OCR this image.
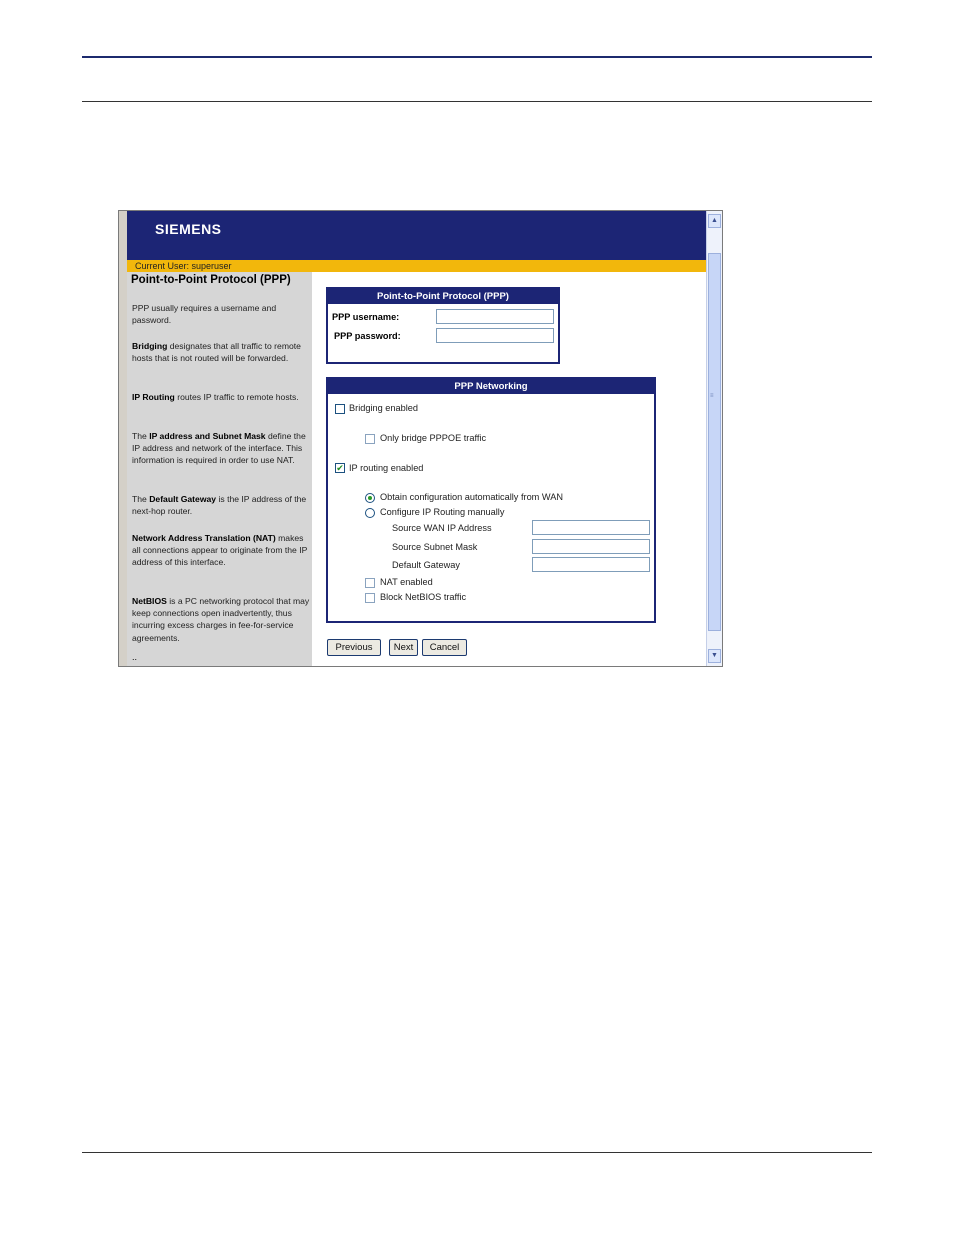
SIEMENS
Current User: superuser
Point-to-Point Protocol (PPP)

PPP usually requires a username and password.

Bridging designates that all traffic to remote hosts that is not routed will be forwarded.

IP Routing routes IP traffic to remote hosts.

The IP address and Subnet Mask define the IP address and network of the interface. This information is required in order to use NAT.

The Default Gateway is the IP address of the next-hop router.

Network Address Translation (NAT) makes all connections appear to originate from the IP address of this interface.

NetBIOS is a PC networking protocol that may keep connections open inadvertently, thus incurring excess charges in fee-for-service agreements.

..
Point-to-Point Protocol (PPP)
PPP username:
PPP password:
PPP Networking
Bridging enabled
Only bridge PPPOE traffic
✔ IP routing enabled
Obtain configuration automatically from WAN
Configure IP Routing manually
Source WAN IP Address
Source Subnet Mask
Default Gateway
NAT enabled
Block NetBIOS traffic
Previous	Next	Cancel
▲
≡
▼
